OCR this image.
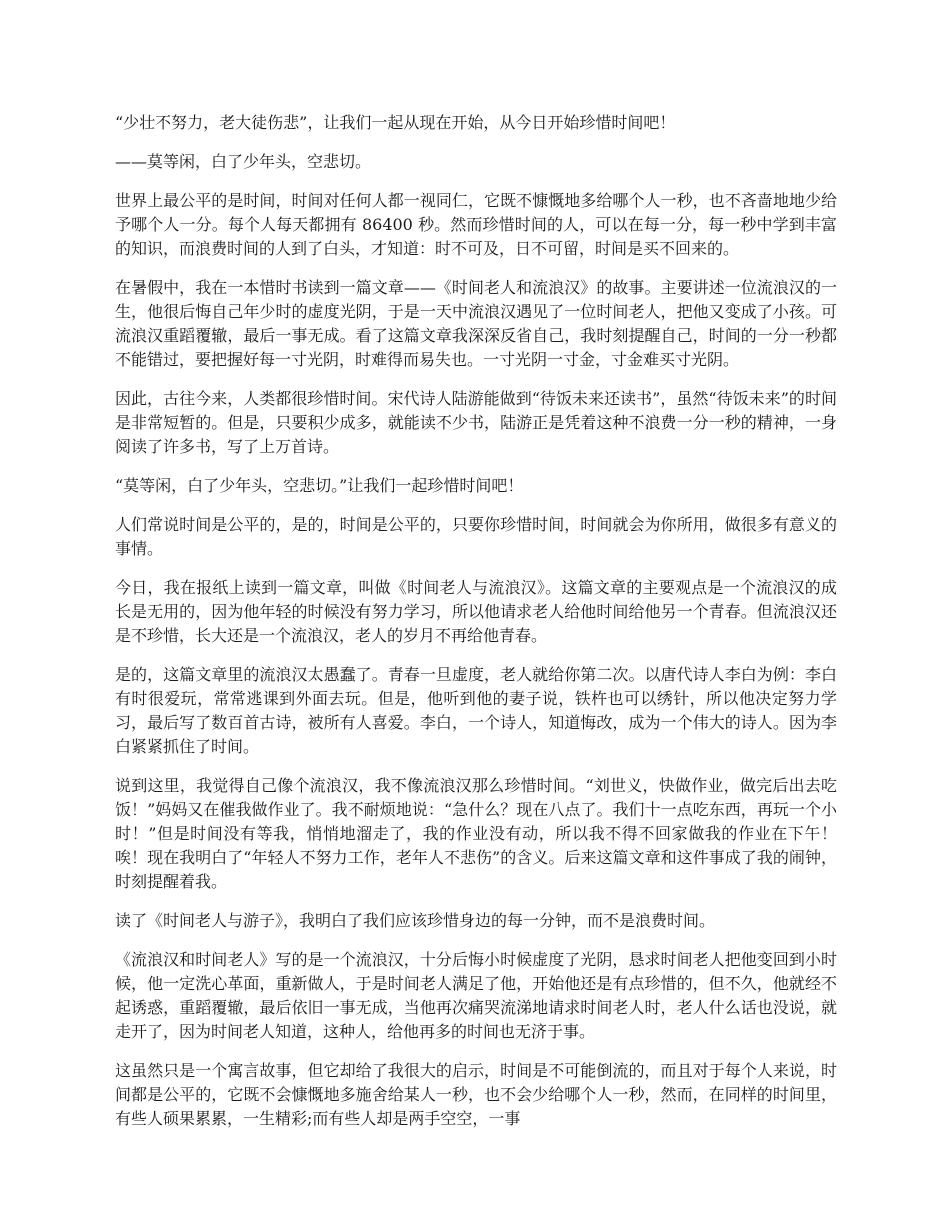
“少壮不努力，老大徒伤悲”，让我们一起从现在开始，从今日开始珍惜时间吧！

——莫等闲，白了少年头，空悲切。

世界上最公平的是时间，时间对任何人都一视同仁，它既不慷慨地多给哪个人一秒，也不吝啬地地少给予哪个人一分。每个人每天都拥有 86400 秒。然而珍惜时间的人，可以在每一分，每一秒中学到丰富的知识，而浪费时间的人到了白头，才知道：时不可及，日不可留，时间是买不回来的。

在暑假中，我在一本惜时书读到一篇文章——《时间老人和流浪汉》的故事。主要讲述一位流浪汉的一生，他很后悔自己年少时的虚度光阴，于是一天中流浪汉遇见了一位时间老人，把他又变成了小孩。可流浪汉重蹈覆辙，最后一事无成。看了这篇文章我深深反省自己，我时刻提醒自己，时间的一分一秒都不能错过，要把握好每一寸光阴，时难得而易失也。一寸光阴一寸金，寸金难买寸光阴。

因此，古往今来，人类都很珍惜时间。宋代诗人陆游能做到“待饭未来还读书”，虽然“待饭未来”的时间是非常短暂的。但是，只要积少成多，就能读不少书，陆游正是凭着这种不浪费一分一秒的精神，一身阅读了许多书，写了上万首诗。

“莫等闲，白了少年头，空悲切。”让我们一起珍惜时间吧！

人们常说时间是公平的，是的，时间是公平的，只要你珍惜时间，时间就会为你所用，做很多有意义的事情。

今日，我在报纸上读到一篇文章，叫做《时间老人与流浪汉》。这篇文章的主要观点是一个流浪汉的成长是无用的，因为他年轻的时候没有努力学习，所以他请求老人给他时间给他另一个青春。但流浪汉还是不珍惜，长大还是一个流浪汉，老人的岁月不再给他青春。

是的，这篇文章里的流浪汉太愚蠢了。青春一旦虚度，老人就给你第二次。以唐代诗人李白为例：李白有时很爱玩，常常逃课到外面去玩。但是，他听到他的妻子说，铁杵也可以绣针，所以他决定努力学习，最后写了数百首古诗，被所有人喜爱。李白，一个诗人，知道悔改，成为一个伟大的诗人。因为李白紧紧抓住了时间。

说到这里，我觉得自己像个流浪汉，我不像流浪汉那么珍惜时间。“刘世义，快做作业，做完后出去吃饭！”妈妈又在催我做作业了。我不耐烦地说：“急什么？现在八点了。我们十一点吃东西，再玩一个小时！”但是时间没有等我，悄悄地溜走了，我的作业没有动，所以我不得不回家做我的作业在下午！唉！现在我明白了“年轻人不努力工作，老年人不悲伤”的含义。后来这篇文章和这件事成了我的闹钟，时刻提醒着我。

读了《时间老人与游子》，我明白了我们应该珍惜身边的每一分钟，而不是浪费时间。

《流浪汉和时间老人》写的是一个流浪汉，十分后悔小时候虚度了光阴，恳求时间老人把他变回到小时候，他一定洗心革面，重新做人，于是时间老人满足了他，开始他还是有点珍惜的，但不久，他就经不起诱惑，重蹈覆辙，最后依旧一事无成，当他再次痛哭流涕地请求时间老人时，老人什么话也没说，就走开了，因为时间老人知道，这种人，给他再多的时间也无济于事。

这虽然只是一个寓言故事，但它却给了我很大的启示，时间是不可能倒流的，而且对于每个人来说，时间都是公平的，它既不会慷慨地多施舍给某人一秒，也不会少给哪个人一秒，然而，在同样的时间里，有些人硕果累累，一生精彩;而有些人却是两手空空，一事
